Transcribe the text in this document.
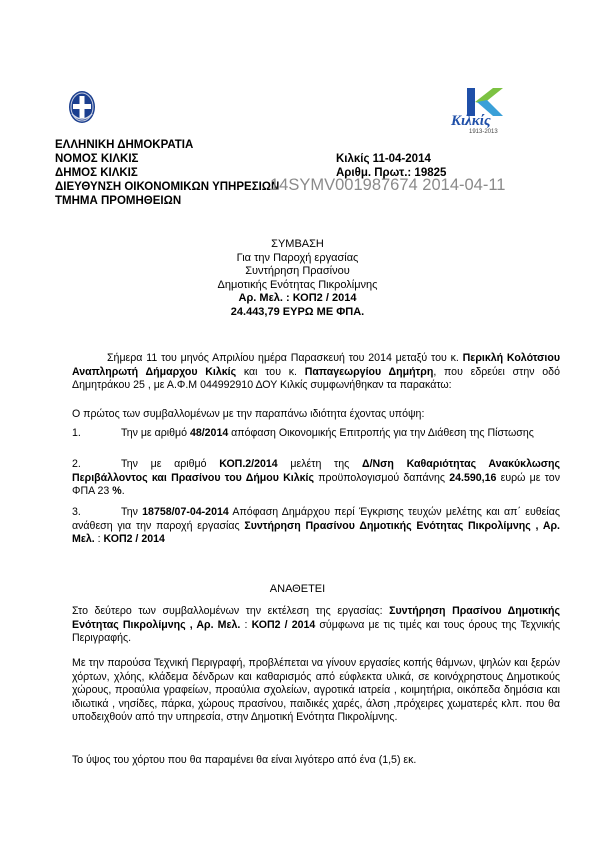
Κιλκίς
1913-2013
ΕΛΛΗΝΙΚΗ ΔΗΜΟΚΡΑΤΙΑ
ΝΟΜΟΣ ΚΙΛΚΙΣ
ΔΗΜΟΣ ΚΙΛΚΙΣ
ΔΙΕΥΘΥΝΣΗ ΟΙΚΟΝΟΜΙΚΩΝ ΥΠΗΡΕΣΙΩΝ
ΤΜΗΜΑ ΠΡΟΜΗΘΕΙΩΝ
Κιλκίς 11-04-2014
Αριθμ. Πρωτ.: 19825
14SYMV001987674 2014-04-11
ΣΥΜΒΑΣΗ
Για την Παροχή εργασίας
Συντήρηση Πρασίνου
Δημοτικής Ενότητας Πικρολίμνης
Αρ. Μελ. : ΚΟΠ2 / 2014
24.443,79 ΕΥΡΩ ΜΕ ΦΠΑ.
Σήμερα 11 του μηνός Απριλίου ημέρα Παρασκευή του 2014 μεταξύ του κ. Περικλή Κολότσιου Αναπληρωτή Δήμαρχου Κιλκίς και του κ. Παπαγεωργίου Δημήτρη, που εδρεύει στην οδό Δημητράκου 25 , με Α.Φ.Μ 044992910 ΔΟΥ Κιλκίς συμφωνήθηκαν τα παρακάτω:
Ο πρώτος των συμβαλλομένων με την παραπάνω ιδιότητα έχοντας υπόψη:
1.	Την με αριθμό 48/2014 απόφαση Οικονομικής Επιτροπής για την Διάθεση της Πίστωσης
2.	Την με αριθμό ΚΟΠ.2/2014 μελέτη της Δ/Νση Καθαριότητας Ανακύκλωσης Περιβάλλοντος και Πρασίνου του Δήμου Κιλκίς προϋπολογισμού δαπάνης 24.590,16 ευρώ με τον ΦΠΑ 23 %.
3.	Την 18758/07-04-2014 Απόφαση Δημάρχου περί Έγκρισης τευχών μελέτης και απ΄ ευθείας ανάθεση για την παροχή εργασίας Συντήρηση Πρασίνου Δημοτικής Ενότητας Πικρολίμνης , Αρ. Μελ. : ΚΟΠ2 / 2014
ΑΝΑΘΕΤΕΙ
Στο δεύτερο των συμβαλλομένων την εκτέλεση της εργασίας: Συντήρηση Πρασίνου Δημοτικής Ενότητας Πικρολίμνης , Αρ. Μελ. : ΚΟΠ2 / 2014 σύμφωνα με τις τιμές και τους όρους της Τεχνικής Περιγραφής.
Με την παρούσα Τεχνική Περιγραφή, προβλέπεται να γίνουν εργασίες κοπής θάμνων, ψηλών και ξερών χόρτων, χλόης, κλάδεμα δένδρων και καθαρισμός από εύφλεκτα υλικά, σε κοινόχρηστους Δημοτικούς χώρους, προαύλια γραφείων, προαύλια σχολείων, αγροτικά ιατρεία , κοιμητήρια, οικόπεδα δημόσια και ιδιωτικά , νησίδες, πάρκα, χώρους πρασίνου, παιδικές χαρές, άλση ,πρόχειρες χωματερές κλπ. που θα υποδειχθούν από την υπηρεσία, στην Δημοτική Ενότητα Πικρολίμνης.
Το ύψος του χόρτου που θα παραμένει θα είναι λιγότερο από ένα (1,5) εκ.
